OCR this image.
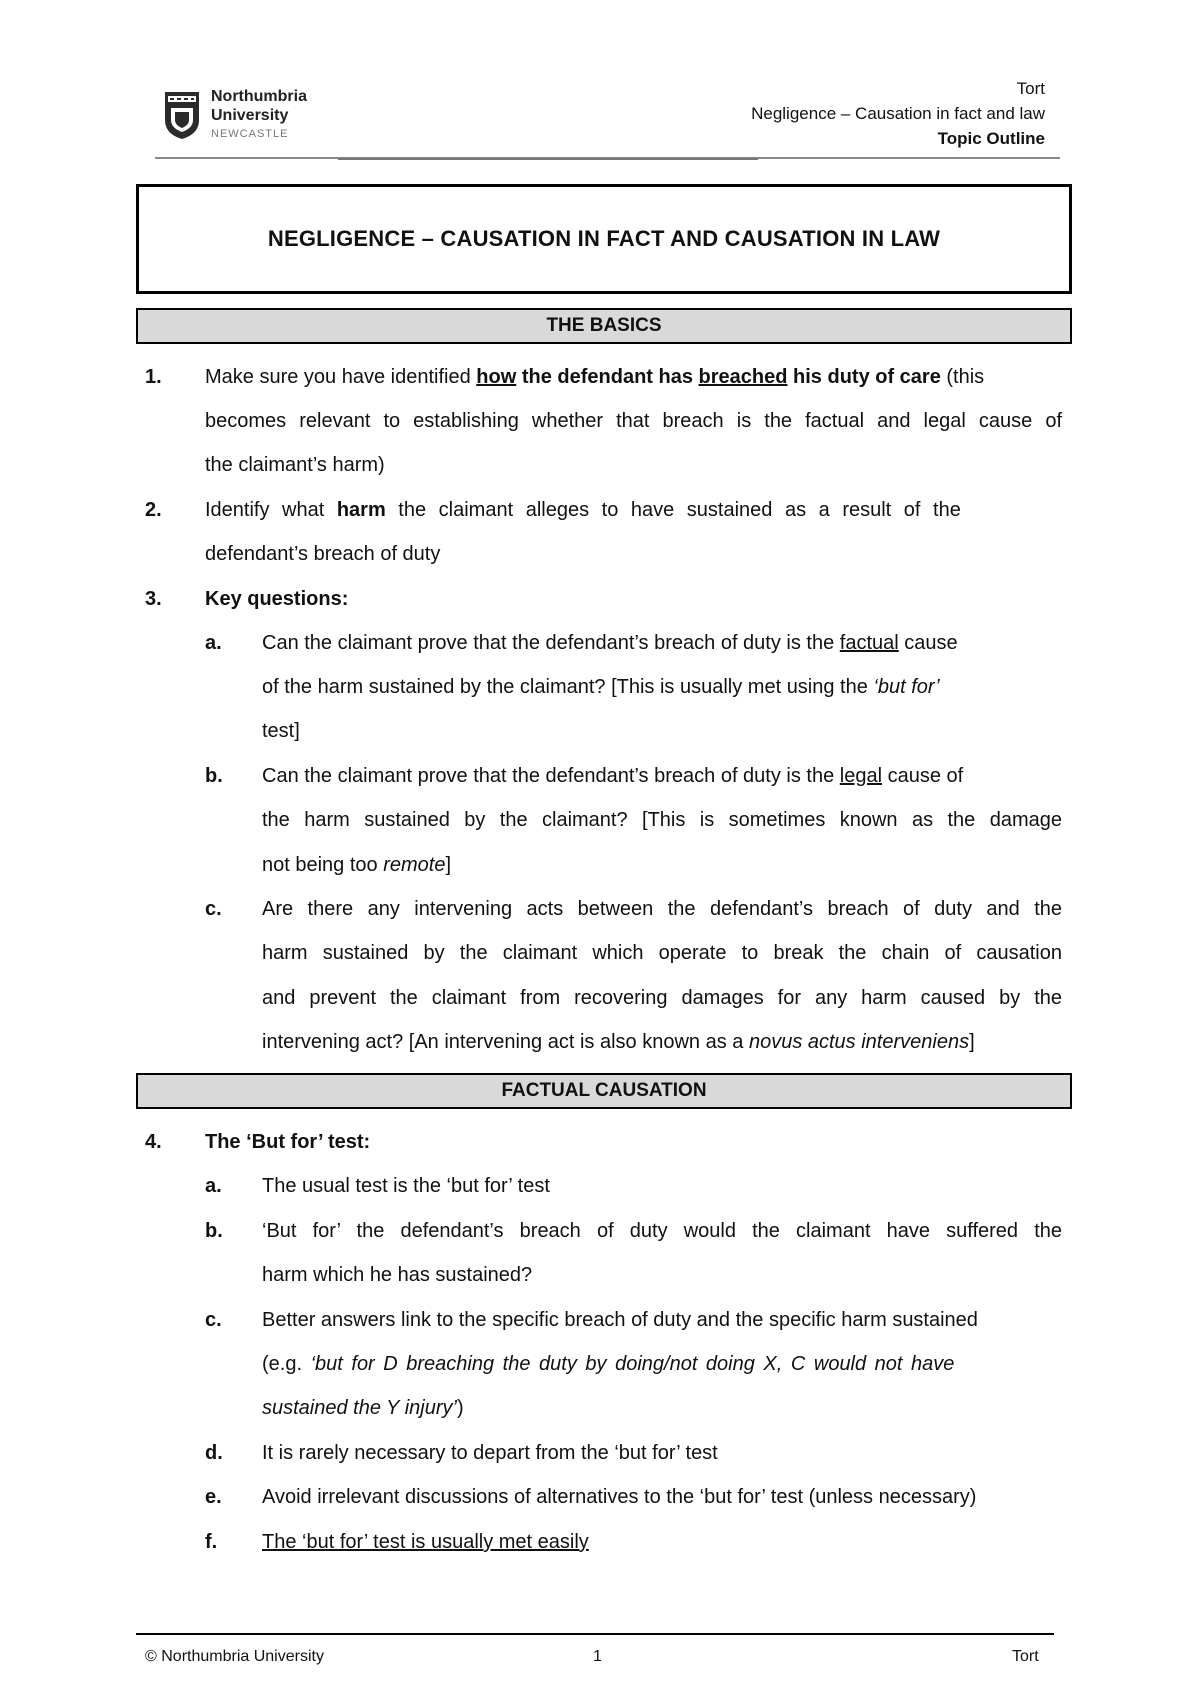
Northumbria
University
NEWCASTLE
Tort
Negligence – Causation in fact and law
Topic Outline
NEGLIGENCE – CAUSATION IN FACT AND CAUSATION IN LAW
THE BASICS
1. Make sure you have identified how the defendant has breached his duty of care (this
becomes relevant to establishing whether that breach is the factual and legal cause of
the claimant’s harm)
2. Identify what harm the claimant alleges to have sustained as a result of the
defendant’s breach of duty
3. Key questions:
a. Can the claimant prove that the defendant’s breach of duty is the factual cause
of the harm sustained by the claimant? [This is usually met using the ‘but for’
test]
b. Can the claimant prove that the defendant’s breach of duty is the legal cause of
the harm sustained by the claimant? [This is sometimes known as the damage
not being too remote]
c. Are there any intervening acts between the defendant’s breach of duty and the
harm sustained by the claimant which operate to break the chain of causation
and prevent the claimant from recovering damages for any harm caused by the
intervening act? [An intervening act is also known as a novus actus interveniens]
FACTUAL CAUSATION
4. The ‘But for’ test:
a. The usual test is the ‘but for’ test
b. ‘But for’ the defendant’s breach of duty would the claimant have suffered the
harm which he has sustained?
c. Better answers link to the specific breach of duty and the specific harm sustained
(e.g. ‘but for D breaching the duty by doing/not doing X, C would not have
sustained the Y injury’)
d. It is rarely necessary to depart from the ‘but for’ test
e. Avoid irrelevant discussions of alternatives to the ‘but for’ test (unless necessary)
f. The ‘but for’ test is usually met easily
© Northumbria University	1	Tort
